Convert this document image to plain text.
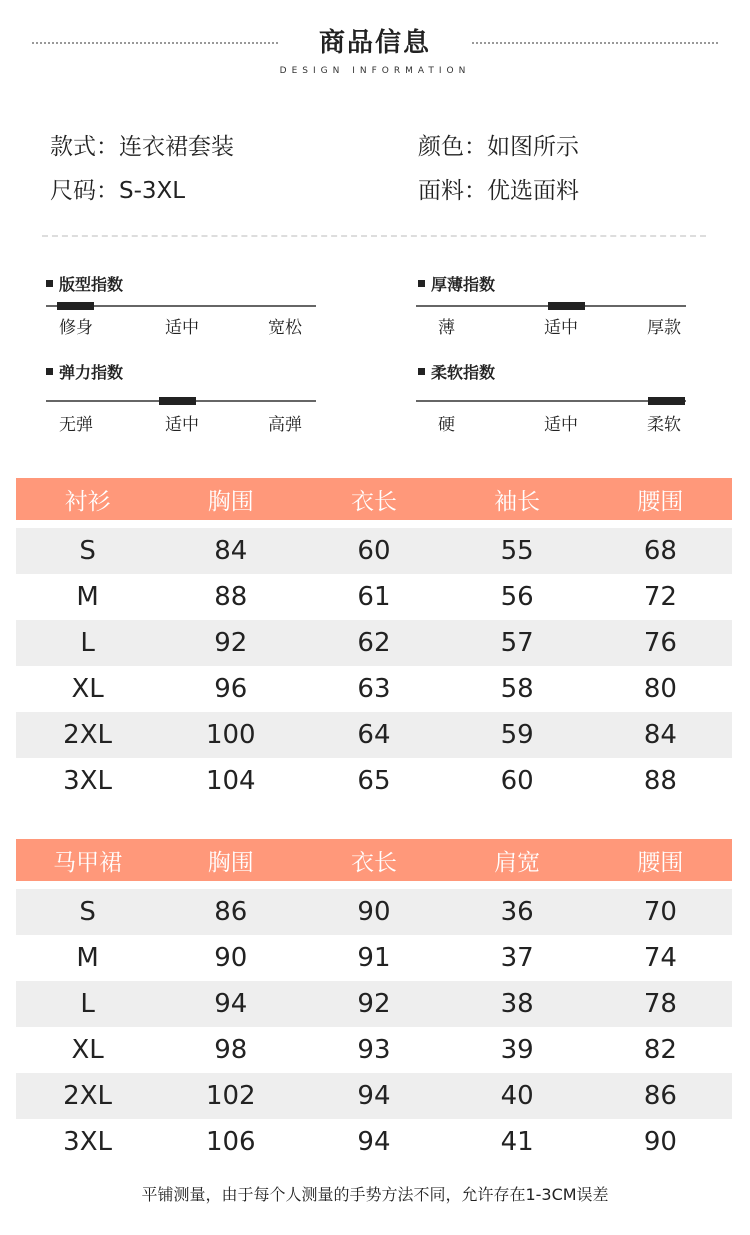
商品信息
DESIGN INFORMATION
款式：连衣裙套装	颜色：如图所示
尺码：S-3XL	面料：优选面料
版型指数
修身	适中	宽松
厚薄指数
薄	适中	厚款
弹力指数
无弹	适中	高弹
柔软指数
硬	适中	柔软
衬衫	胸围	衣长	袖长	腰围

S	84	60	55	68
M	88	61	56	72
L	92	62	57	76
XL	96	63	58	80
2XL	100	64	59	84
3XL	104	65	60	88
马甲裙	胸围	衣长	肩宽	腰围

S	86	90	36	70
M	90	91	37	74
L	94	92	38	78
XL	98	93	39	82
2XL	102	94	40	86
3XL	106	94	41	90
平铺测量，由于每个人测量的手势方法不同，允许存在1-3CM误差
